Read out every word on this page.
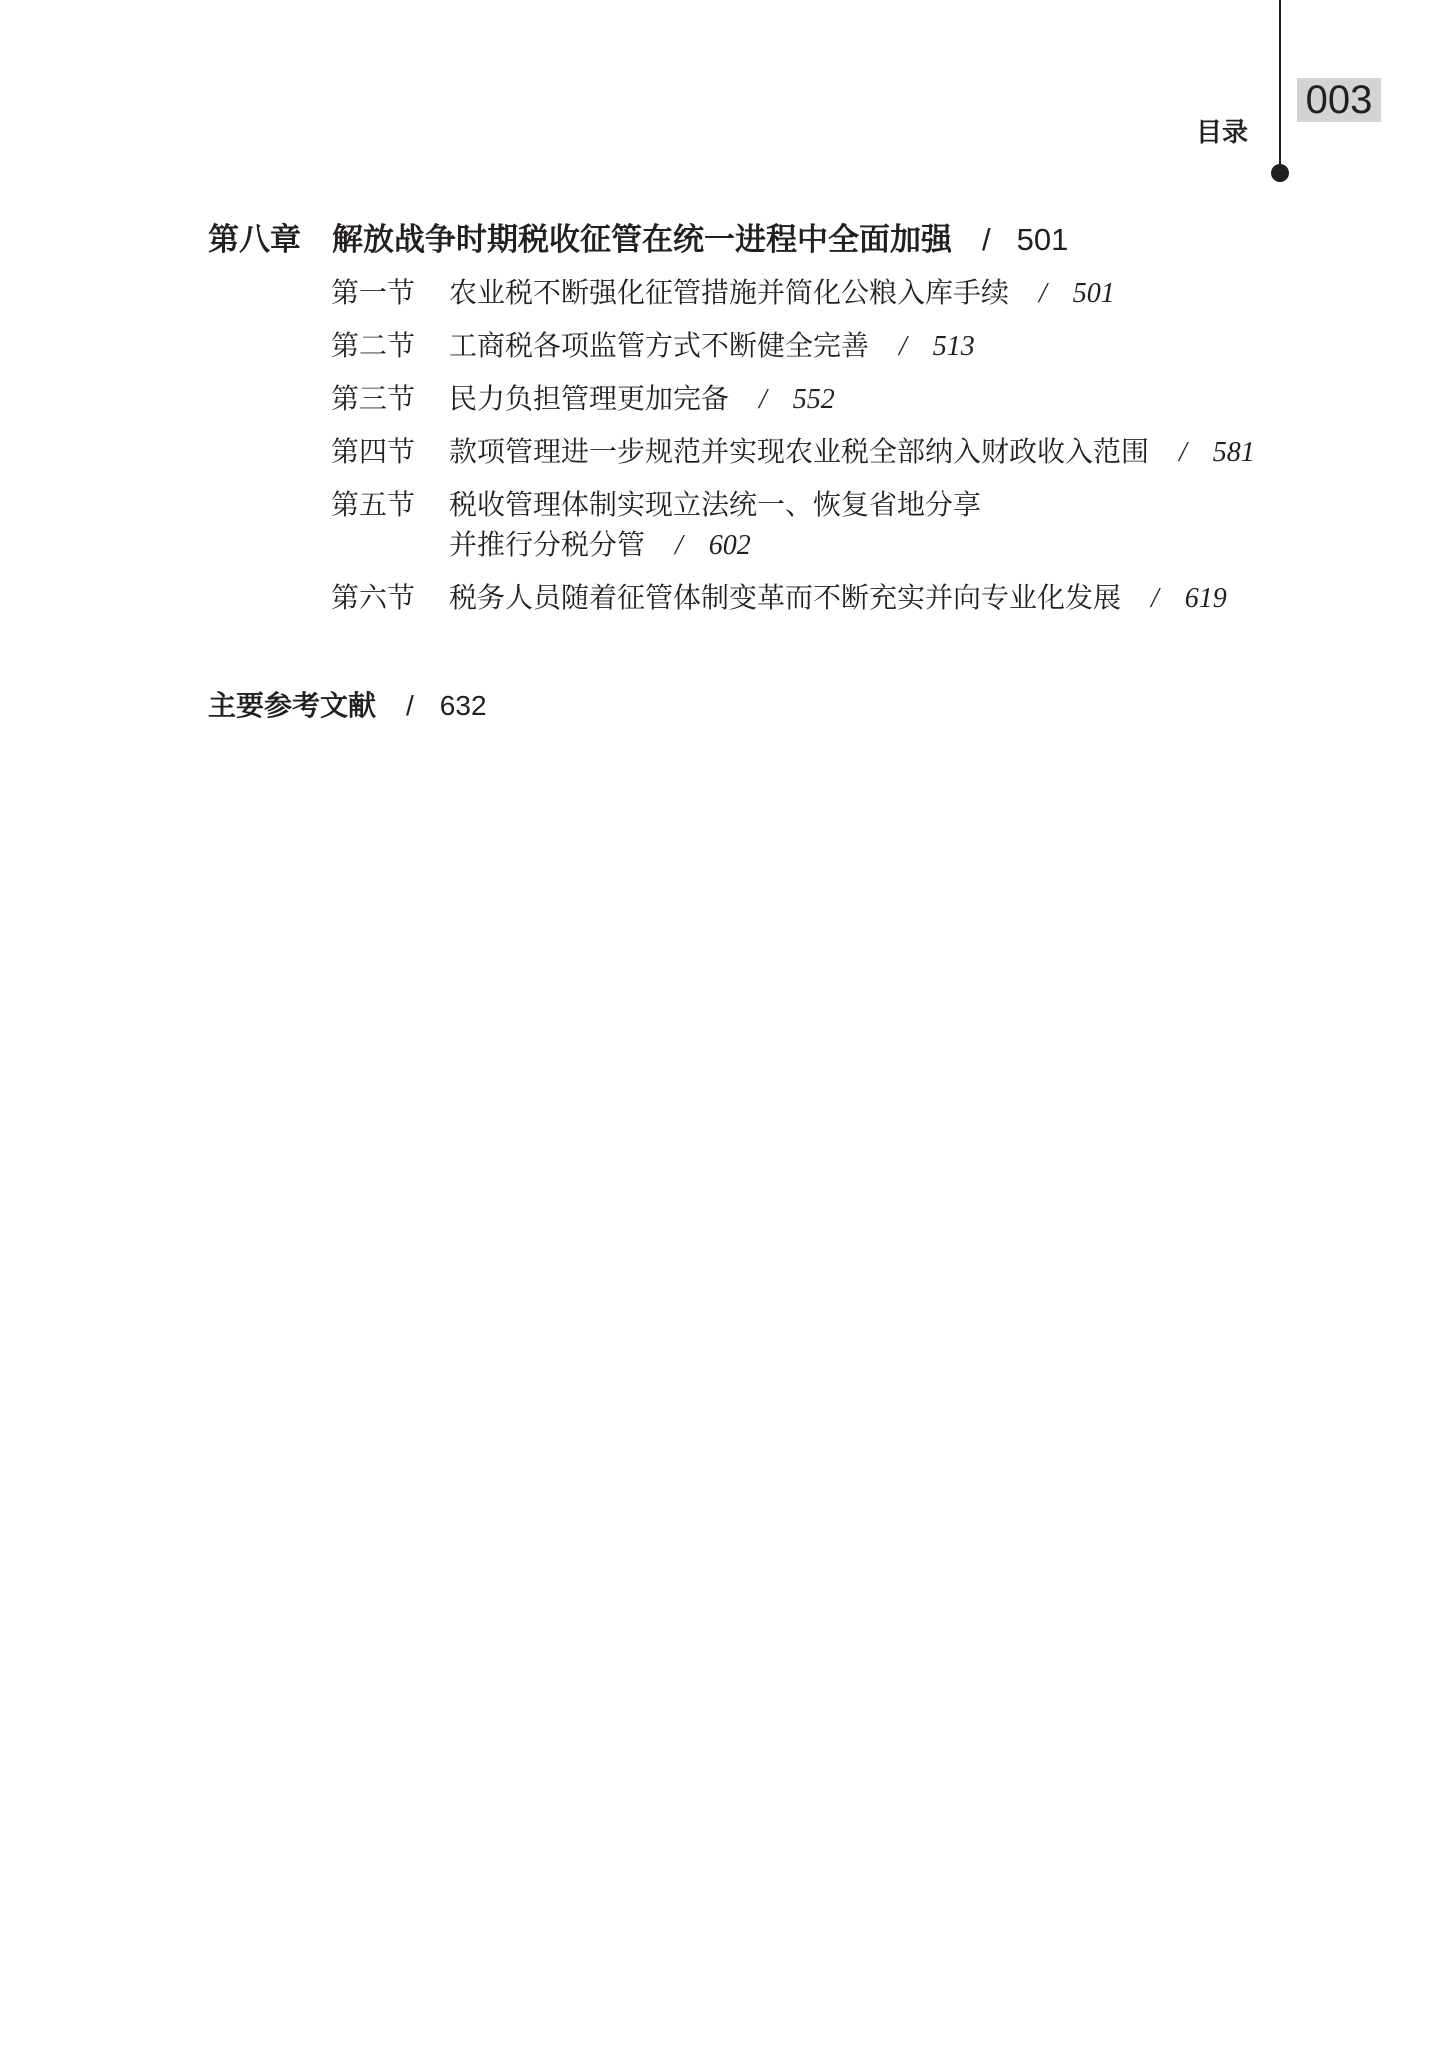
003
目录
第八章 解放战争时期税收征管在统一进程中全面加强 / 501
第一节	农业税不断强化征管措施并简化公粮入库手续 / 501
第二节	工商税各项监管方式不断健全完善 / 513
第三节	民力负担管理更加完备 / 552
第四节	款项管理进一步规范并实现农业税全部纳入财政收入范围 / 581
第五节	税收管理体制实现立法统一、恢复省地分享
并推行分税分管 / 602
第六节	税务人员随着征管体制变革而不断充实并向专业化发展 / 619
主要参考文献 / 632
